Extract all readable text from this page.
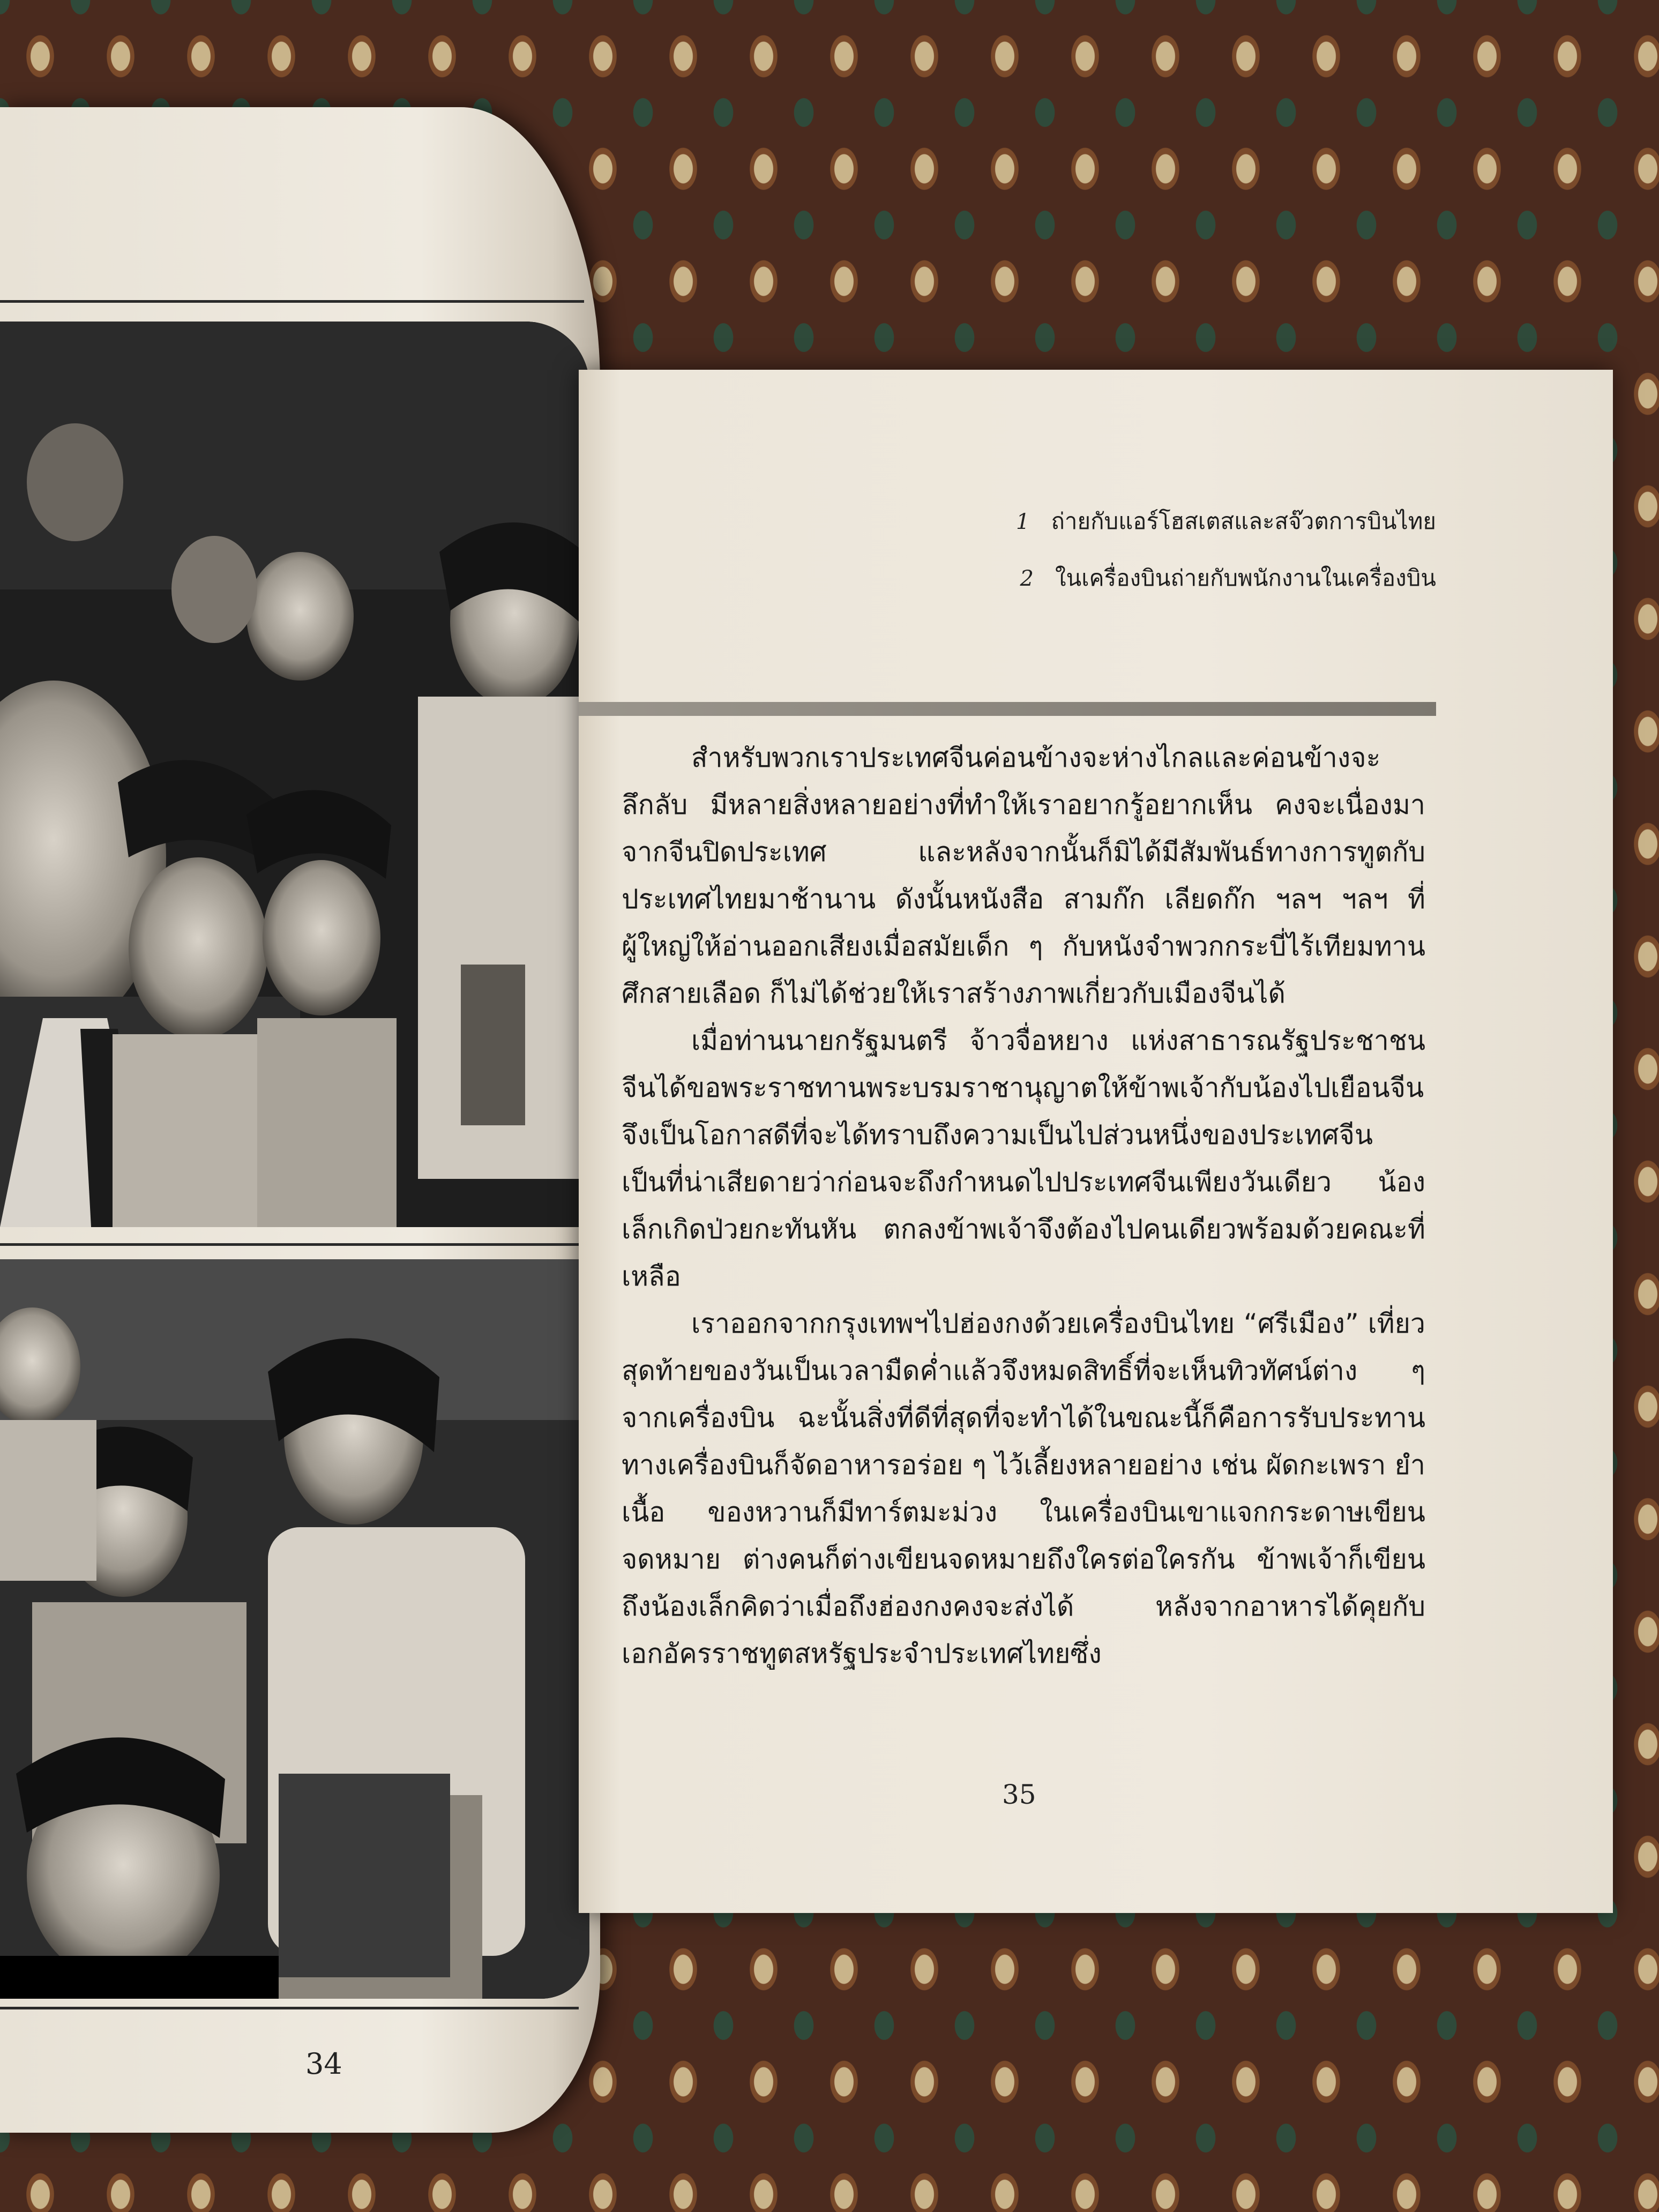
34
1 ถ่ายกับแอร์โฮสเตสและสจ๊วตการบินไทย
2 ในเครื่องบินถ่ายกับพนักงานในเครื่องบิน

สำหรับพวกเราประเทศจีนค่อนข้างจะห่างไกลและค่อนข้างจะลึกลับ มีหลายสิ่งหลายอย่างที่ทำให้เราอยากรู้อยากเห็น คงจะเนื่องมาจากจีนปิดประเทศ และหลังจากนั้นก็มิได้มีสัมพันธ์ทางการทูตกับประเทศไทยมาช้านาน ดังนั้นหนังสือ สามก๊ก เลียดก๊ก ฯลฯ ฯลฯ ที่ผู้ใหญ่ให้อ่านออกเสียงเมื่อสมัยเด็ก ๆ กับหนังจำพวกกระบี่ไร้เทียมทาน ศึกสายเลือด ก็ไม่ได้ช่วยให้เราสร้างภาพเกี่ยวกับเมืองจีนได้

เมื่อท่านนายกรัฐมนตรี จ้าวจื่อหยาง แห่งสาธารณรัฐประชาชนจีนได้ขอพระราชทานพระบรมราชานุญาตให้ข้าพเจ้ากับน้องไปเยือนจีน จึงเป็นโอกาสดีที่จะได้ทราบถึงความเป็นไปส่วนหนึ่งของประเทศจีน เป็นที่น่าเสียดายว่าก่อนจะถึงกำหนดไปประเทศจีนเพียงวันเดียว น้องเล็กเกิดป่วยกะทันหัน ตกลงข้าพเจ้าจึงต้องไปคนเดียวพร้อมด้วยคณะที่เหลือ

เราออกจากกรุงเทพฯไปฮ่องกงด้วยเครื่องบินไทย “ศรีเมือง” เที่ยวสุดท้ายของวันเป็นเวลามืดค่ำแล้วจึงหมดสิทธิ์ที่จะเห็นทิวทัศน์ต่าง ๆ จากเครื่องบิน ฉะนั้นสิ่งที่ดีที่สุดที่จะทำได้ในขณะนี้ก็คือการรับประทาน ทางเครื่องบินก็จัดอาหารอร่อย ๆ ไว้เลี้ยงหลายอย่าง เช่น ผัดกะเพรา ยำเนื้อ ของหวานก็มีทาร์ตมะม่วง ในเครื่องบินเขาแจกกระดาษเขียนจดหมาย ต่างคนก็ต่างเขียนจดหมายถึงใครต่อใครกัน ข้าพเจ้าก็เขียนถึงน้องเล็กคิดว่าเมื่อถึงฮ่องกงคงจะส่งได้ หลังจากอาหารได้คุยกับเอกอัครราชทูตสหรัฐประจำประเทศไทยซึ่ง

35
